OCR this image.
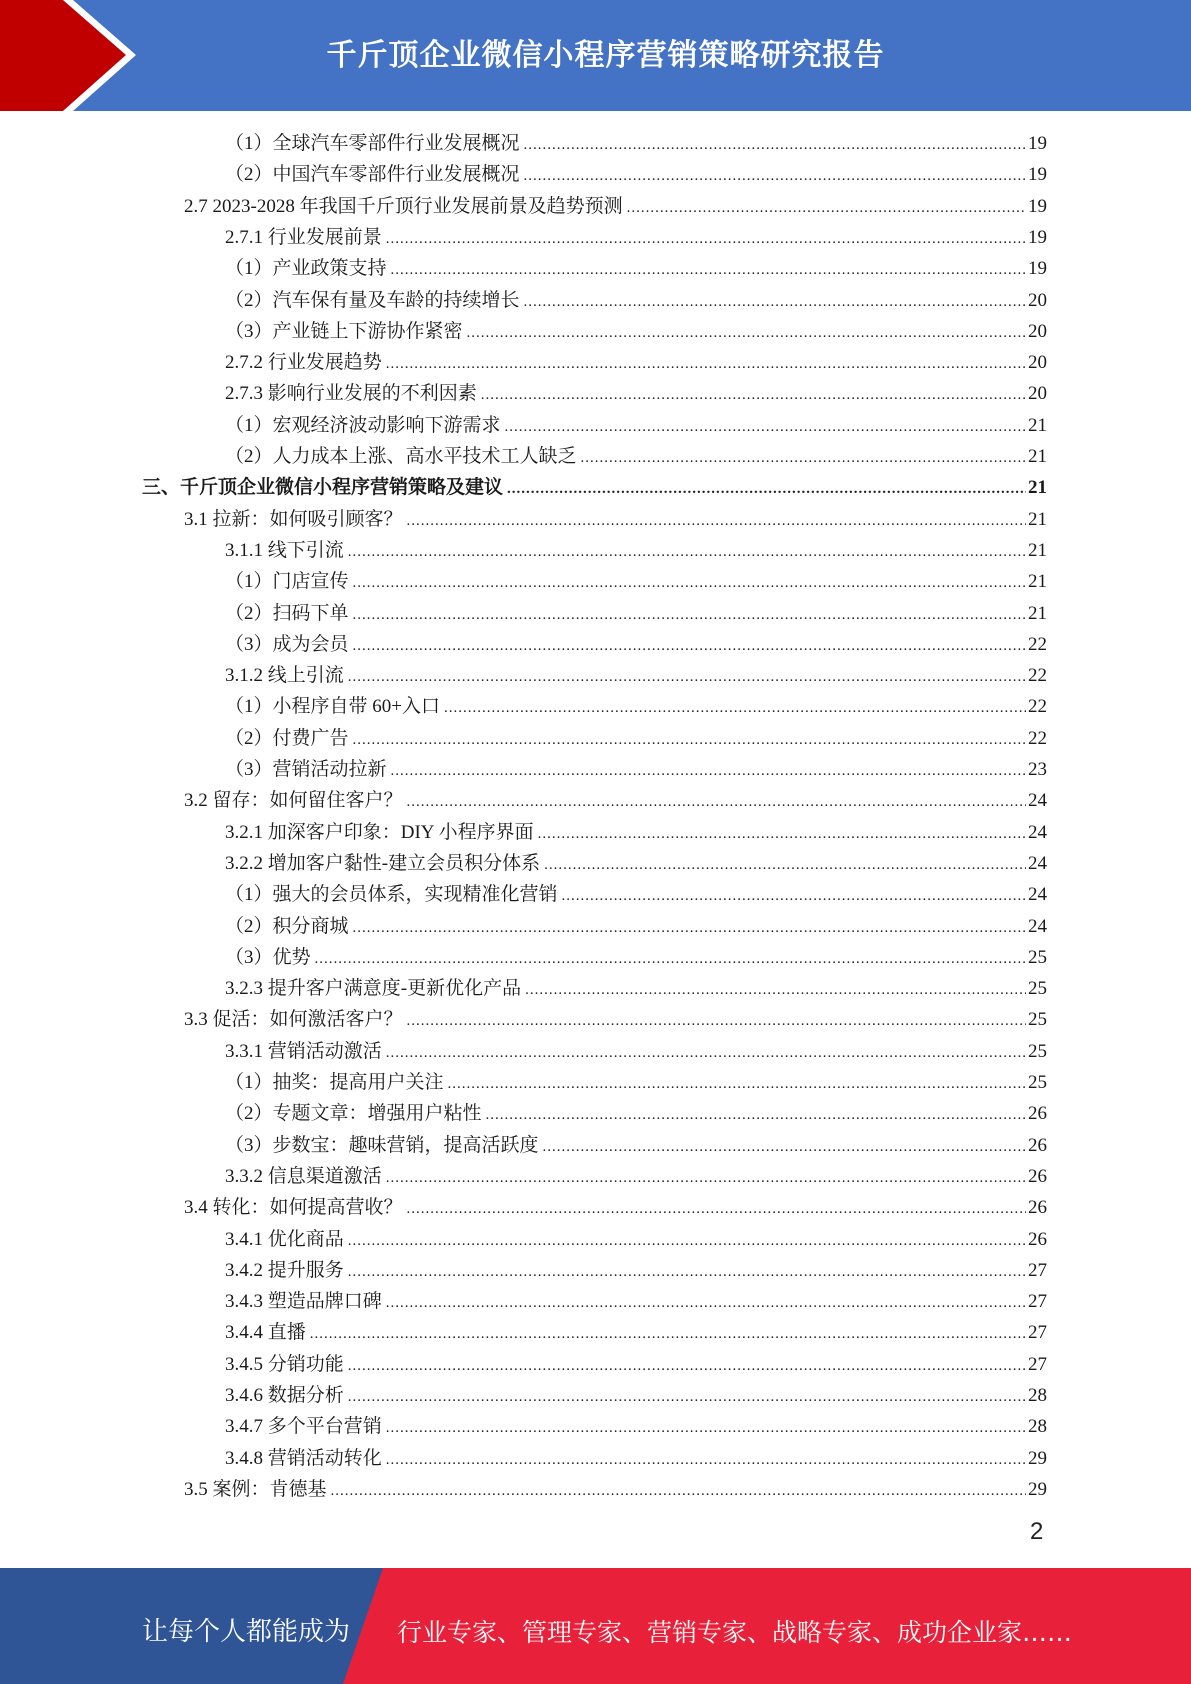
千斤顶企业微信小程序营销策略研究报告
（1）全球汽车零部件行业发展概况 .....	19
（2）中国汽车零部件行业发展概况 .....	19
2.7 2023-2028 年我国千斤顶行业发展前景及趋势预测 .....	19
2.7.1 行业发展前景 .....	19
（1）产业政策支持 .....	19
（2）汽车保有量及车龄的持续增长 .....	20
（3）产业链上下游协作紧密 .....	20
2.7.2 行业发展趋势 .....	20
2.7.3 影响行业发展的不利因素 .....	20
（1）宏观经济波动影响下游需求 .....	21
（2）人力成本上涨、高水平技术工人缺乏 .....	21
三、千斤顶企业微信小程序营销策略及建议 .....	21
3.1 拉新：如何吸引顾客？ .....	21
3.1.1 线下引流 .....	21
（1）门店宣传 .....	21
（2）扫码下单 .....	21
（3）成为会员 .....	22
3.1.2 线上引流 .....	22
（1）小程序自带 60+入口 .....	22
（2）付费广告 .....	22
（3）营销活动拉新 .....	23
3.2 留存：如何留住客户？ .....	24
3.2.1 加深客户印象：DIY 小程序界面 .....	24
3.2.2 增加客户黏性-建立会员积分体系 .....	24
（1）强大的会员体系，实现精准化营销 .....	24
（2）积分商城 .....	24
（3）优势 .....	25
3.2.3 提升客户满意度-更新优化产品 .....	25
3.3 促活：如何激活客户？ .....	25
3.3.1 营销活动激活 .....	25
（1）抽奖：提高用户关注 .....	25
（2）专题文章：增强用户粘性 .....	26
（3）步数宝：趣味营销，提高活跃度 .....	26
3.3.2 信息渠道激活 .....	26
3.4 转化：如何提高营收？ .....	26
3.4.1 优化商品 .....	26
3.4.2 提升服务 .....	27
3.4.3 塑造品牌口碑 .....	27
3.4.4 直播 .....	27
3.4.5 分销功能 .....	27
3.4.6 数据分析 .....	28
3.4.7 多个平台营销 .....	28
3.4.8 营销活动转化 .....	29
3.5 案例：肯德基 .....	29
2
让每个人都能成为 行业专家、管理专家、营销专家、战略专家、成功企业家……
